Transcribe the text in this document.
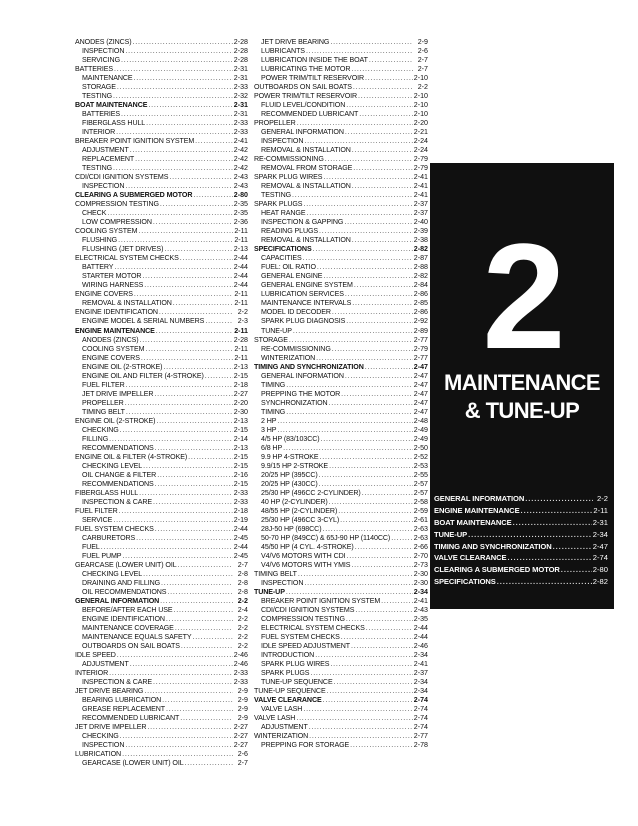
ANODES (ZINCS) . . .	2-28
INSPECTION . . .	2-28
SERVICING . . .	2-28
BATTERIES . . .	2-31
MAINTENANCE . . .	2-31
STORAGE . . .	2-33
TESTING . . .	2-32
BOAT MAINTENANCE . . .	2-31
BATTERIES . . .	2-31
FIBERGLASS HULL . . .	2-33
INTERIOR . . .	2-33
BREAKER POINT IGNITION SYSTEM . . .	2-41
ADJUSTMENT . . .	2-42
REPLACEMENT . . .	2-42
TESTING . . .	2-42
CDI/CDI IGNITION SYSTEMS . . .	2-43
INSPECTION . . .	2-43
CLEARING A SUBMERGED MOTOR . . .	2-80
COMPRESSION TESTING . . .	2-35
CHECK . . .	2-35
LOW COMPRESSION . . .	2-36
COOLING SYSTEM . . .	2-11
FLUSHING . . .	2-11
FLUSHING (JET DRIVES) . . .	2-13
ELECTRICAL SYSTEM CHECKS . . .	2-44
BATTERY . . .	2-44
STARTER MOTOR . . .	2-44
WIRING HARNESS . . .	2-44
ENGINE COVERS . . .	2-11
REMOVAL & INSTALLATION . . .	2-11
ENGINE IDENTIFICATION . . .	2-2
ENGINE MODEL & SERIAL NUMBERS . . .	2-3
ENGINE MAINTENANCE . . .	2-11
ANODES (ZINCS) . . .	2-28
COOLING SYSTEM . . .	2-11
ENGINE COVERS . . .	2-11
ENGINE OIL (2-STROKE) . . .	2-13
ENGINE OIL AND FILTER (4-STROKE) . . .	2-15
FUEL FILTER . . .	2-18
JET DRIVE IMPELLER . . .	2-27
PROPELLER . . .	2-20
TIMING BELT . . .	2-30
ENGINE OIL (2-STROKE) . . .	2-13
CHECKING . . .	2-15
FILLING . . .	2-14
RECOMMENDATIONS . . .	2-13
ENGINE OIL & FILTER (4-STROKE) . . .	2-15
CHECKING LEVEL . . .	2-15
OIL CHANGE & FILTER . . .	2-16
RECOMMENDATIONS . . .	2-15
FIBERGLASS HULL . . .	2-33
INSPECTION & CARE . . .	2-33
FUEL FILTER . . .	2-18
SERVICE . . .	2-19
FUEL SYSTEM CHECKS . . .	2-44
CARBURETORS . . .	2-45
FUEL . . .	2-44
FUEL PUMP . . .	2-45
GEARCASE (LOWER UNIT) OIL . . .	2-7
CHECKING LEVEL . . .	2-8
DRAINING AND FILLING . . .	2-8
OIL RECOMMENDATIONS . . .	2-8
GENERAL INFORMATION . . .	2-2
BEFORE/AFTER EACH USE . . .	2-4
ENGINE IDENTIFICATION . . .	2-2
MAINTENANCE COVERAGE . . .	2-2
MAINTENANCE EQUALS SAFETY . . .	2-2
OUTBOARDS ON SAIL BOATS . . .	2-2
IDLE SPEED . . .	2-46
ADJUSTMENT . . .	2-46
INTERIOR . . .	2-33
INSPECTION & CARE . . .	2-33
JET DRIVE BEARING . . .	2-9
BEARING LUBRICATION . . .	2-9
GREASE REPLACEMENT . . .	2-9
RECOMMENDED LUBRICANT . . .	2-9
JET DRIVE IMPELLER . . .	2-27
CHECKING . . .	2-27
INSPECTION . . .	2-27
LUBRICATION . . .	2-6
GEARCASE (LOWER UNIT) OIL . . .	2-7
JET DRIVE BEARING . . .	2-9
LUBRICANTS . . .	2-6
LUBRICATION INSIDE THE BOAT . . .	2-7
LUBRICATING THE MOTOR . . .	2-7
POWER TRIM/TILT RESERVOIR . . .	2-10
OUTBOARDS ON SAIL BOATS . . .	2-2
POWER TRIM/TILT RESERVOIR . . .	2-10
FLUID LEVEL/CONDITION . . .	2-10
RECOMMENDED LUBRICANT . . .	2-10
PROPELLER . . .	2-20
GENERAL INFORMATION . . .	2-21
INSPECTION . . .	2-24
REMOVAL & INSTALLATION . . .	2-24
RE-COMMISSIONING . . .	2-79
REMOVAL FROM STORAGE . . .	2-79
SPARK PLUG WIRES . . .	2-41
REMOVAL & INSTALLATION . . .	2-41
TESTING . . .	2-41
SPARK PLUGS . . .	2-37
HEAT RANGE . . .	2-37
INSPECTION & GAPPING . . .	2-40
READING PLUGS . . .	2-39
REMOVAL & INSTALLATION . . .	2-38
SPECIFICATIONS . . .	2-82
CAPACITIES . . .	2-87
FUEL: OIL RATIO . . .	2-88
GENERAL ENGINE . . .	2-82
GENERAL ENGINE SYSTEM . . .	2-84
LUBRICATION SERVICES . . .	2-86
MAINTENANCE INTERVALS . . .	2-85
MODEL ID DECODER . . .	2-86
SPARK PLUG DIAGNOSIS . . .	2-92
TUNE-UP . . .	2-89
STORAGE . . .	2-77
RE-COMMISSIONING . . .	2-79
WINTERIZATION . . .	2-77
TIMING AND SYNCHRONIZATION . . .	2-47
GENERAL INFORMATION . . .	2-47
TIMING . . .	2-47
PREPPING THE MOTOR . . .	2-47
SYNCHRONIZATION . . .	2-47
TIMING . . .	2-47
2 HP . . .	2-48
3 HP . . .	2-49
4/5 HP (83/103CC) . . .	2-49
6/8 HP . . .	2-50
9.9 HP 4-STROKE . . .	2-52
9.9/15 HP 2-STROKE . . .	2-53
20/25 HP (395CC) . . .	2-55
20/25 HP (430CC) . . .	2-57
25/30 HP (496CC 2-CYLINDER) . . .	2-57
40 HP (2-CYLINDER) . . .	2-58
48/55 HP (2-CYLINDER) . . .	2-59
25/30 HP (496CC 3-CYL) . . .	2-61
28J-50 HP (698CC) . . .	2-63
50-70 HP (849CC) & 65J-90 HP (1140CC) . . .	2-63
45/50 HP (4 CYL. 4-STROKE) . . .	2-66
V4/V6 MOTORS WITH CDI . . .	2-70
V4/V6 MOTORS WITH YMIS . . .	2-73
TIMING BELT . . .	2-30
INSPECTION . . .	2-30
TUNE-UP . . .	2-34
BREAKER POINT IGNITION SYSTEM . . .	2-41
CDI/CDI IGNITION SYSTEMS . . .	2-43
COMPRESSION TESTING . . .	2-35
ELECTRICAL SYSTEM CHECKS . . .	2-44
FUEL SYSTEM CHECKS . . .	2-44
IDLE SPEED ADJUSTMENT . . .	2-46
INTRODUCTION . . .	2-34
SPARK PLUG WIRES . . .	2-41
SPARK PLUGS . . .	2-37
TUNE-UP SEQUENCE . . .	2-34
TUNE-UP SEQUENCE . . .	2-34
VALVE CLEARANCE . . .	2-74
VALVE LASH . . .	2-74
VALVE LASH . . .	2-74
ADJUSTMENT . . .	2-74
WINTERIZATION . . .	2-77
PREPPING FOR STORAGE . . .	2-78
2
MAINTENANCE
& TUNE-UP
GENERAL INFORMATION . . .	2-2
ENGINE MAINTENANCE . . .	2-11
BOAT MAINTENANCE . . .	2-31
TUNE-UP . . .	2-34
TIMING AND SYNCHRONIZATION . . .	2-47
VALVE CLEARANCE . . .	2-74
CLEARING A SUBMERGED MOTOR . . .	2-80
SPECIFICATIONS . . .	2-82
